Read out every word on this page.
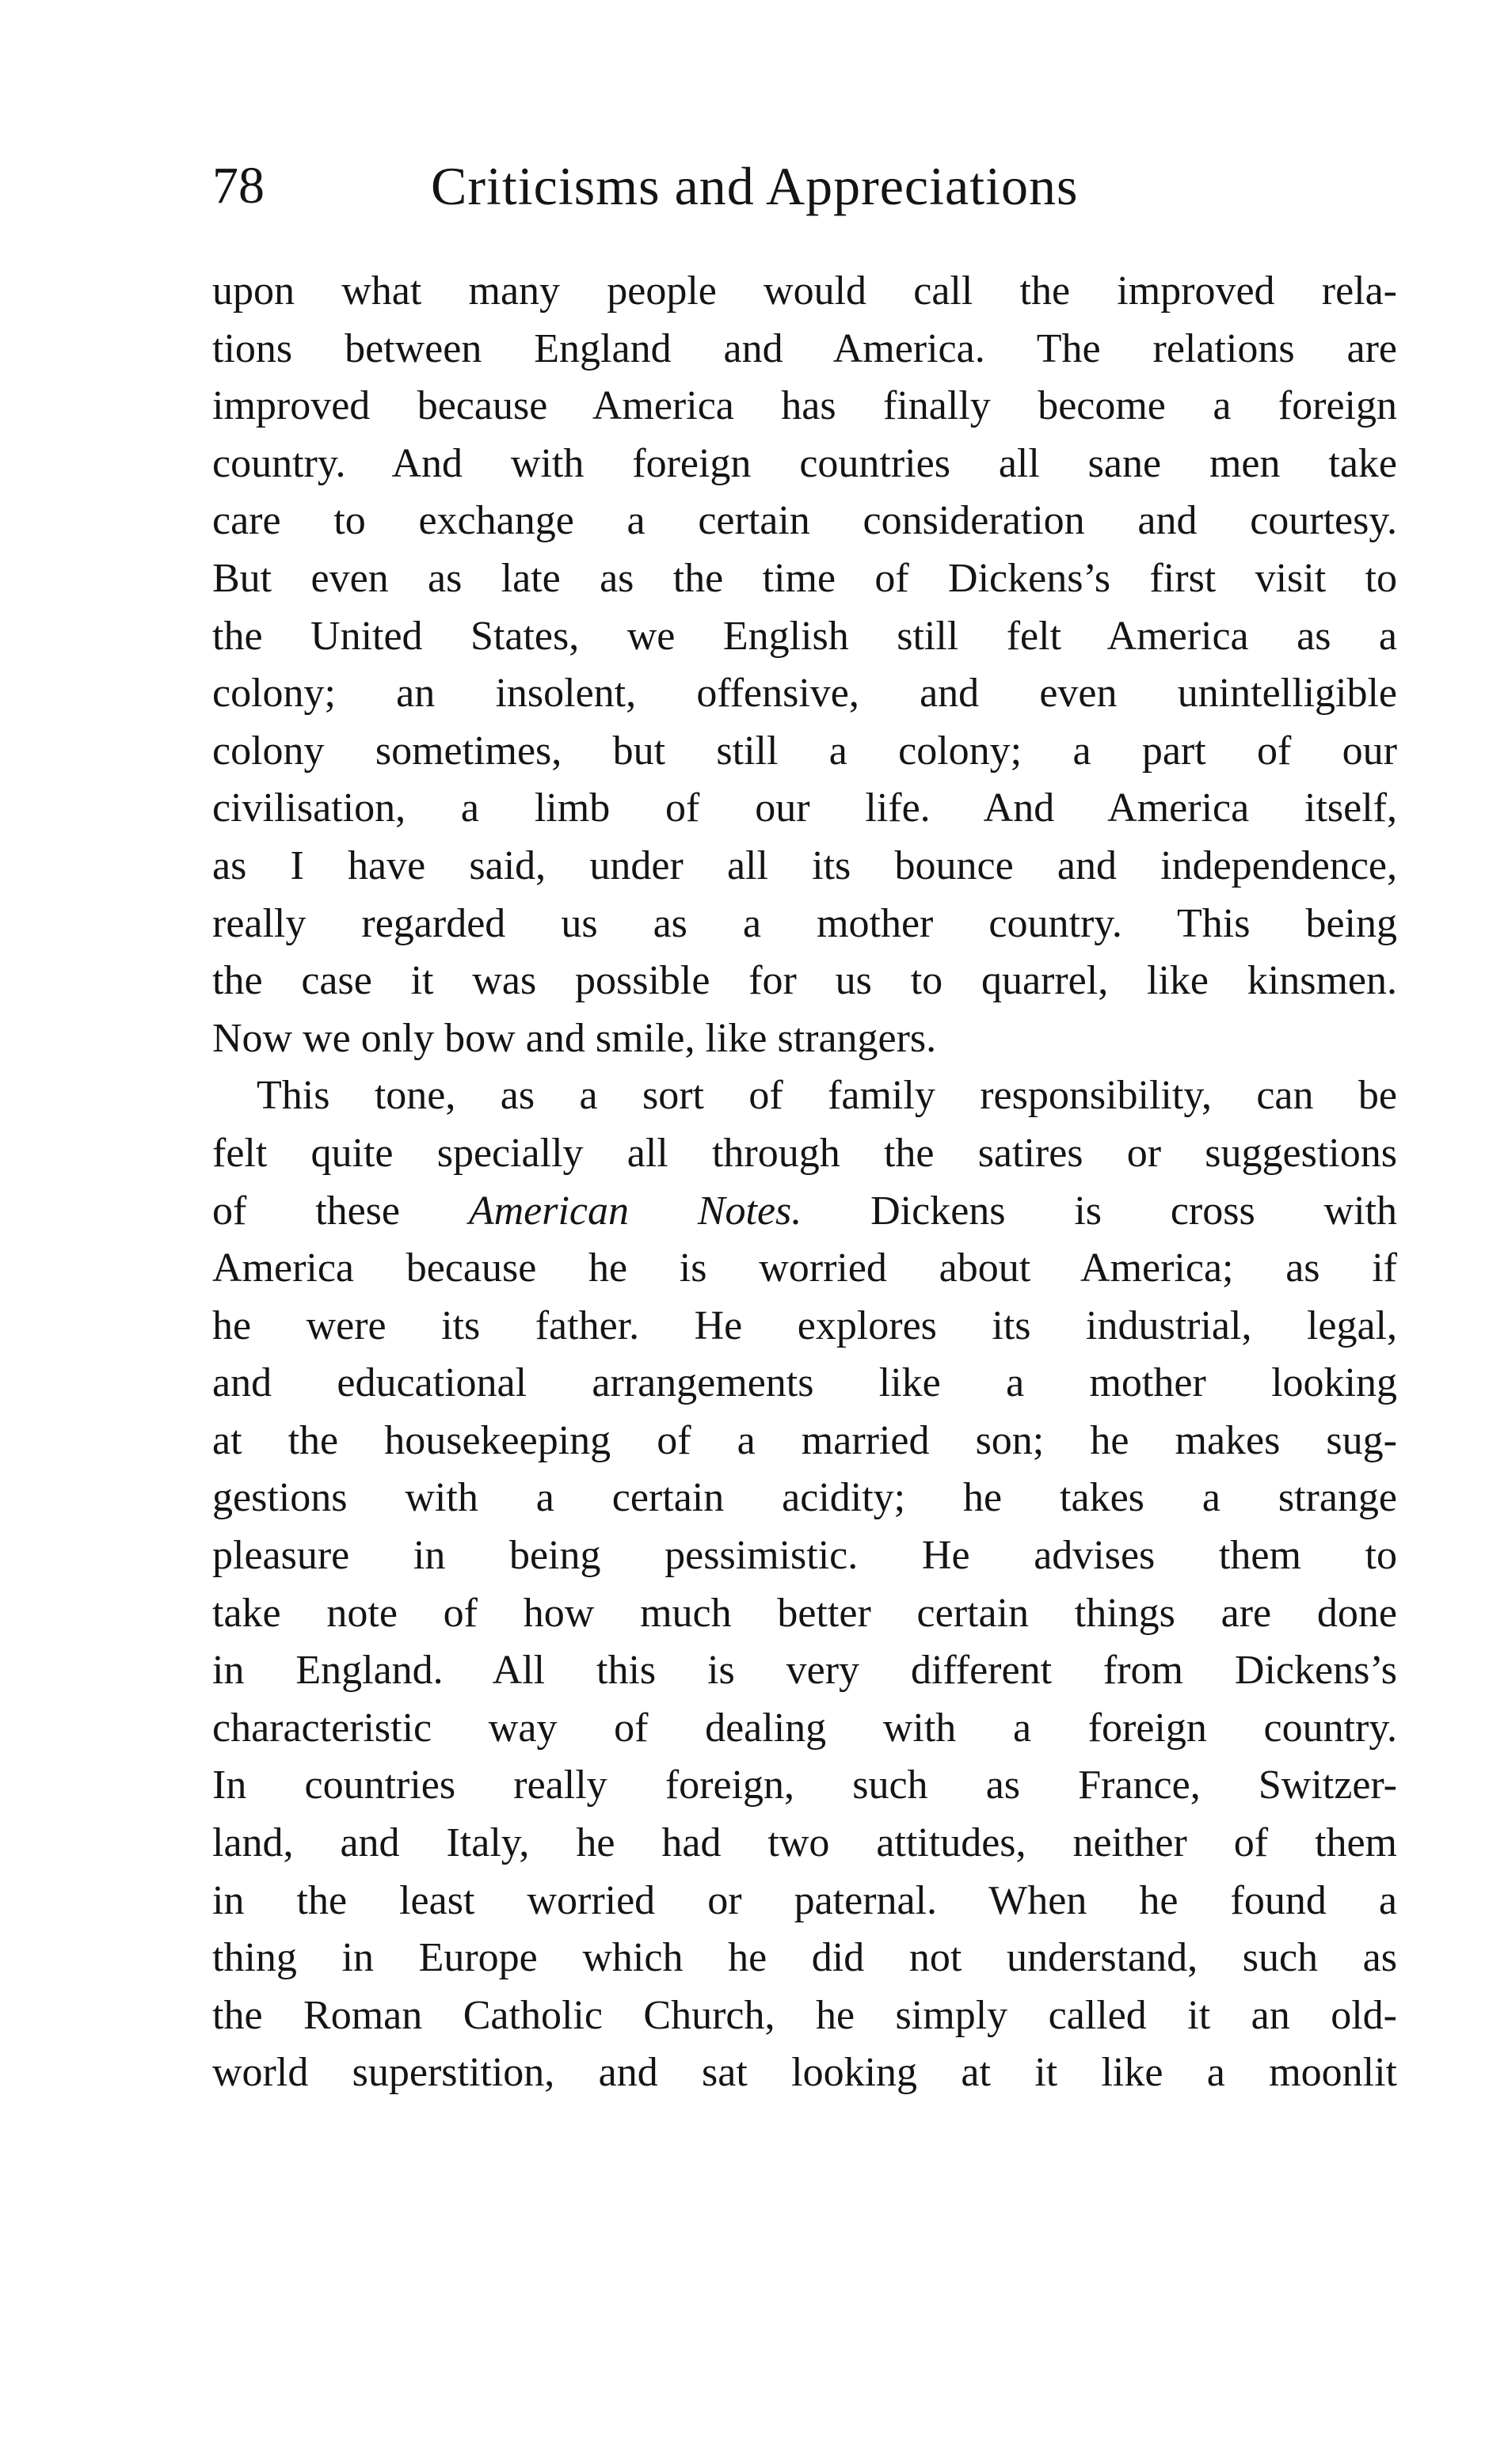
78	Criticisms and Appreciations
upon what many people would call the improved rela-
tions between England and America. The relations are
improved because America has finally become a foreign
country. And with foreign countries all sane men take
care to exchange a certain consideration and courtesy.
But even as late as the time of Dickens’s first visit to
the United States, we English still felt America as a
colony; an insolent, offensive, and even unintelligible
colony sometimes, but still a colony; a part of our
civilisation, a limb of our life. And America itself,
as I have said, under all its bounce and independence,
really regarded us as a mother country. This being
the case it was possible for us to quarrel, like kinsmen.
Now we only bow and smile, like strangers.
This tone, as a sort of family responsibility, can be
felt quite specially all through the satires or suggestions
of these American Notes. Dickens is cross with
America because he is worried about America; as if
he were its father. He explores its industrial, legal,
and educational arrangements like a mother looking
at the housekeeping of a married son; he makes sug-
gestions with a certain acidity; he takes a strange
pleasure in being pessimistic. He advises them to
take note of how much better certain things are done
in England. All this is very different from Dickens’s
characteristic way of dealing with a foreign country.
In countries really foreign, such as France, Switzer-
land, and Italy, he had two attitudes, neither of them
in the least worried or paternal. When he found a
thing in Europe which he did not understand, such as
the Roman Catholic Church, he simply called it an old-
world superstition, and sat looking at it like a moonlit
